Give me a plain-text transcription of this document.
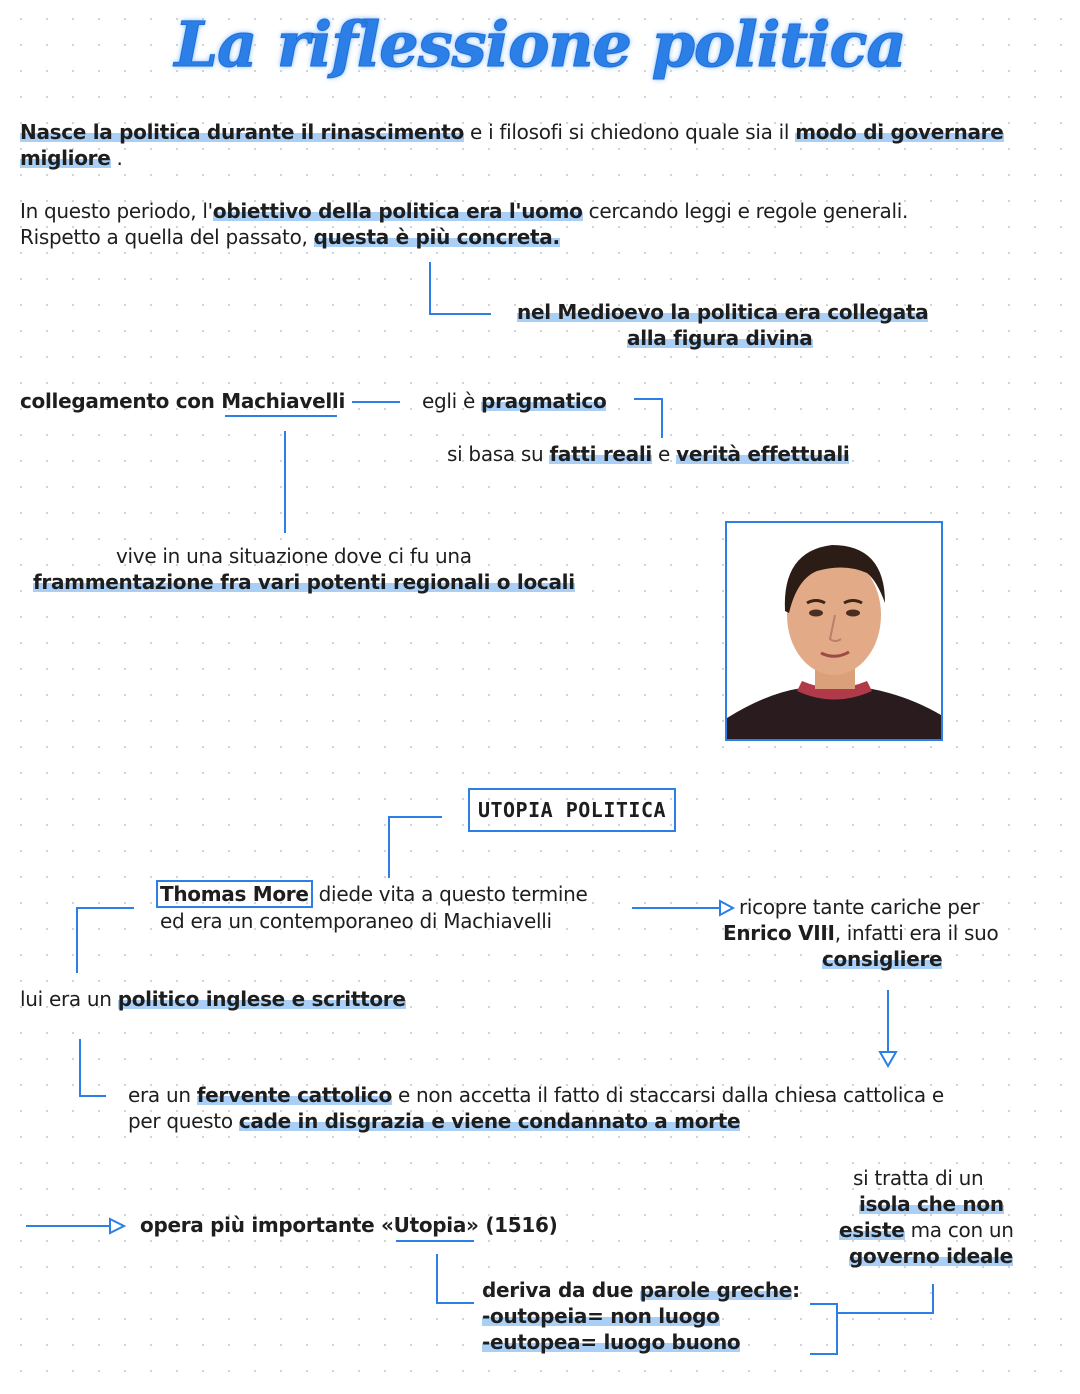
La riflessione politica
Nasce la politica durante il rinascimento e i filosofi si chiedono quale sia il modo di governare
migliore .
In questo periodo, l'obiettivo della politica era l'uomo cercando leggi e regole generali.
Rispetto a quella del passato, questa è più concreta.
nel Medioevo la politica era collegata
alla figura divina
collegamento con Machiavelli	egli è pragmatico
si basa su fatti reali e verità effettuali
vive in una situazione dove ci fu una
frammentazione fra vari potenti regionali o locali
UTOPIA POLITICA
Thomas More diede vita a questo termine
ed era un contemporaneo di Machiavelli
ricopre tante cariche per
Enrico VIII, infatti era il suo
consigliere
lui era un politico inglese e scrittore
era un fervente cattolico e non accetta il fatto di staccarsi dalla chiesa cattolica e
per questo cade in disgrazia e viene condannato a morte
opera più importante «Utopia» (1516)
si tratta di un
isola che non
esiste ma con un
governo ideale
deriva da due parole greche:
-outopeia= non luogo
-eutopea= luogo buono
